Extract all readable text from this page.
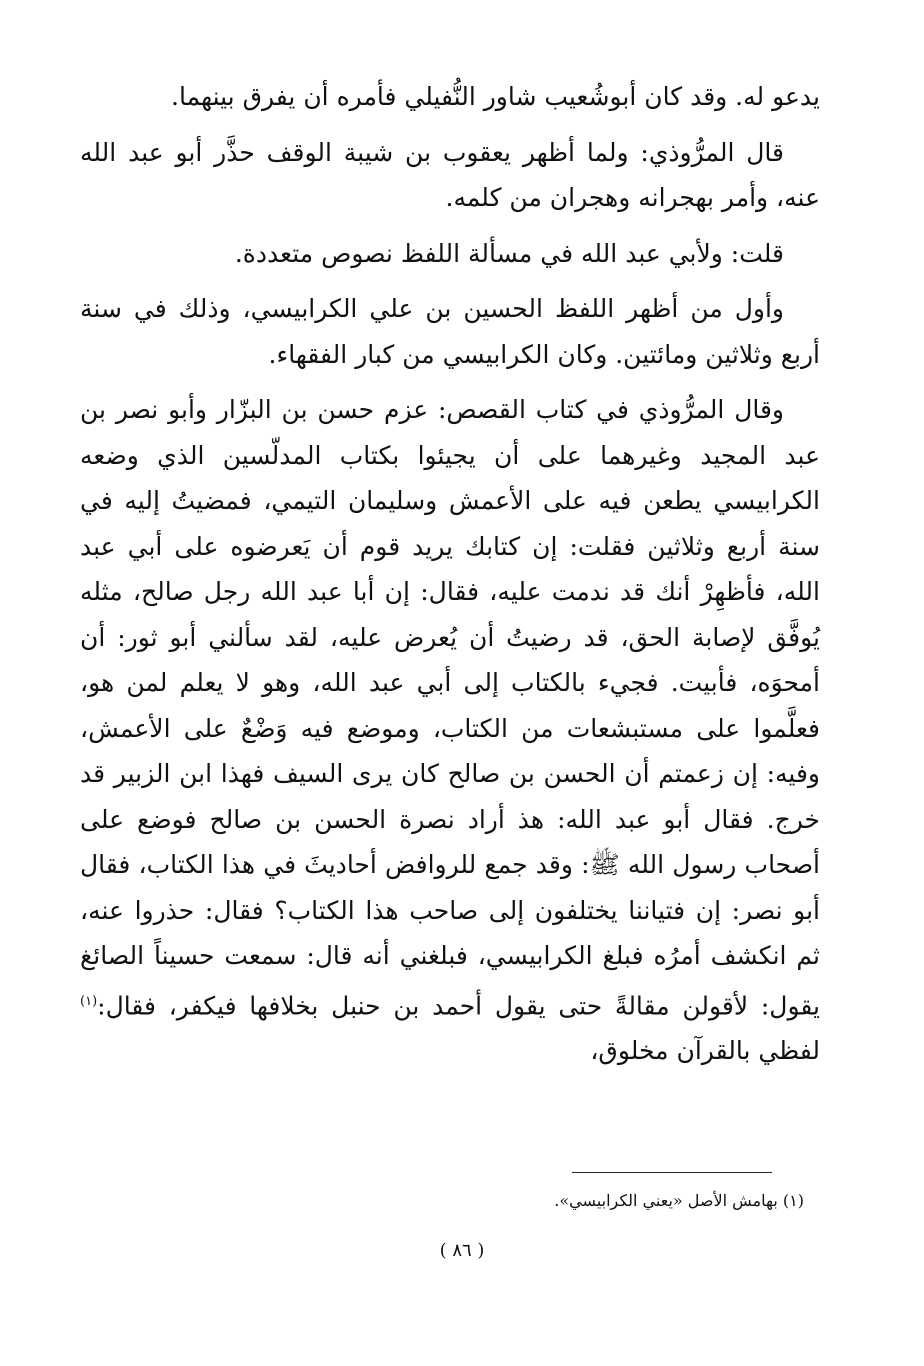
يدعو له. وقد كان أبوشُعيب شاور النُّفيلي فأمره أن يفرق بينهما.

قال المرُّوذي: ولما أظهر يعقوب بن شيبة الوقف حذَّر أبو عبد الله عنه، وأمر بهجرانه وهجران من كلمه.

قلت: ولأبي عبد الله في مسألة اللفظ نصوص متعددة.

وأول من أظهر اللفظ الحسين بن علي الكرابيسي، وذلك في سنة أربع وثلاثين ومائتين. وكان الكرابيسي من كبار الفقهاء.

وقال المرُّوذي في كتاب القصص: عزم حسن بن البزّار وأبو نصر بن عبد المجيد وغيرهما على أن يجيئوا بكتاب المدلّسين الذي وضعه الكرابيسي يطعن فيه على الأعمش وسليمان التيمي، فمضيتُ إليه في سنة أربع وثلاثين فقلت: إن كتابك يريد قوم أن يَعرضوه على أبي عبد الله، فأظهِرْ أنك قد ندمت عليه، فقال: إن أبا عبد الله رجل صالح، مثله يُوفَّق لإصابة الحق، قد رضيتُ أن يُعرض عليه، لقد سألني أبو ثور: أن أمحوَه، فأبيت. فجيء بالكتاب إلى أبي عبد الله، وهو لا يعلم لمن هو، فعلَّموا على مستبشعات من الكتاب، وموضع فيه وَضْعٌ على الأعمش، وفيه: إن زعمتم أن الحسن بن صالح كان يرى السيف فهذا ابن الزبير قد خرج. فقال أبو عبد الله: هذ أراد نصرة الحسن بن صالح فوضع على أصحاب رسول الله ﷺ: وقد جمع للروافض أحاديثَ في هذا الكتاب، فقال أبو نصر: إن فتياننا يختلفون إلى صاحب هذا الكتاب؟ فقال: حذروا عنه، ثم انكشف أمرُه فبلغ الكرابيسي، فبلغني أنه قال: سمعت حسيناً الصائغ يقول: لأقولن مقالةً حتى يقول أحمد بن حنبل بخلافها فيكفر، فقال:$^{(١)}$ لفظي بالقرآن مخلوق،

(١) بهامش الأصل «يعني الكرابيسي».
( ٨٦ )
